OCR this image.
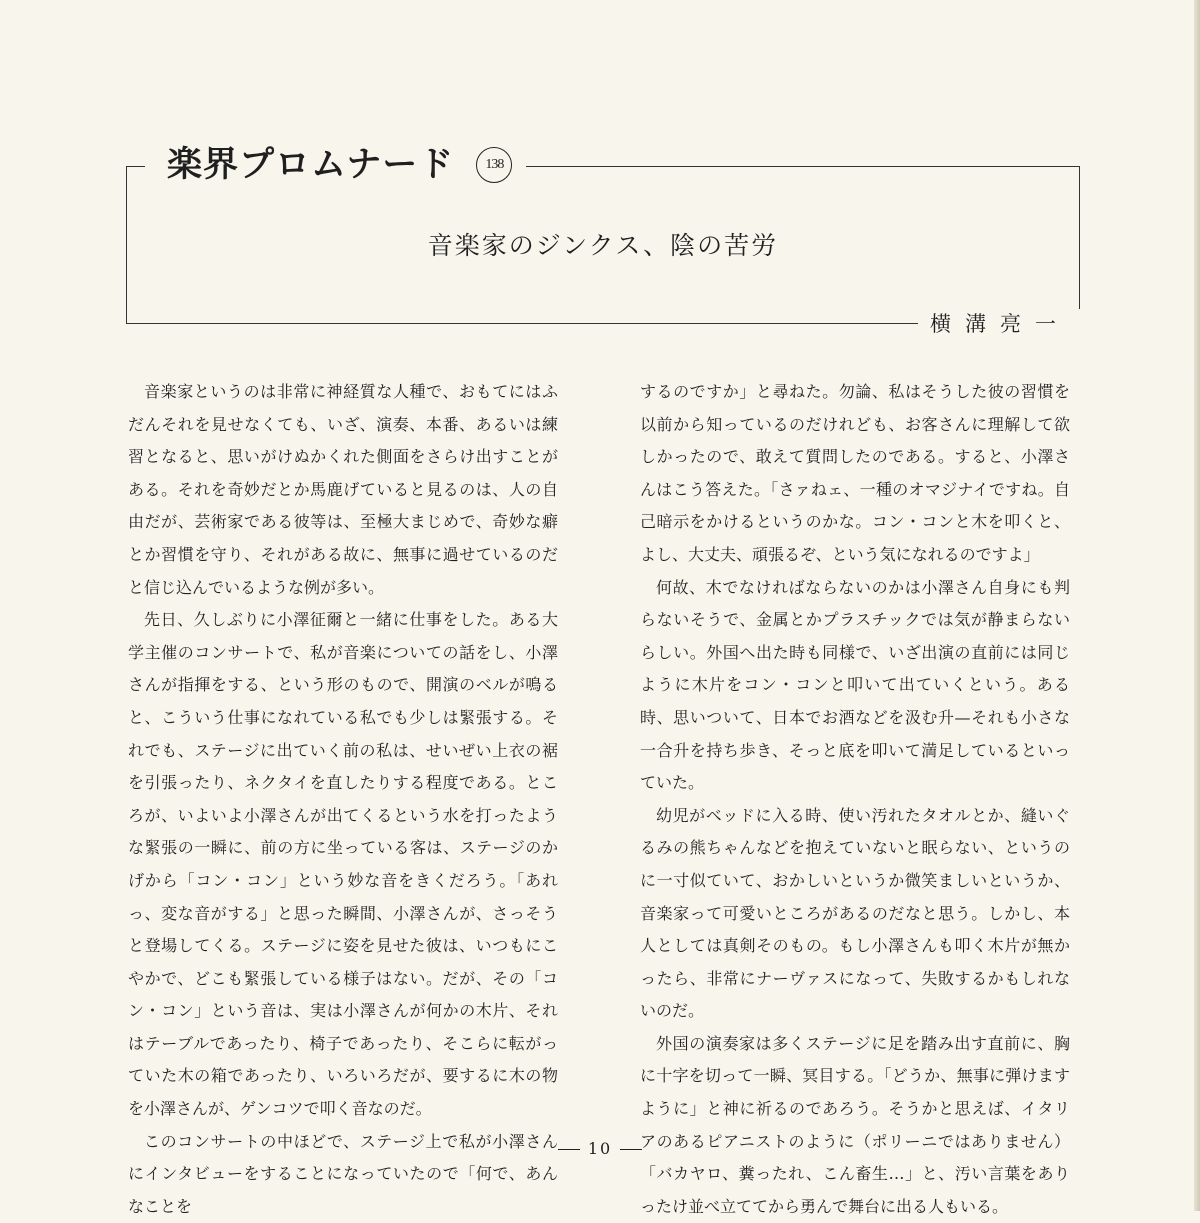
楽界プロムナード	138
音楽家のジンクス、陰の苦労
横溝亮一

音楽家というのは非常に神経質な人種で、おもてにはふだんそれを見せなくても、いざ、演奏、本番、あるいは練習となると、思いがけぬかくれた側面をさらけ出すことがある。それを奇妙だとか馬鹿げていると見るのは、人の自由だが、芸術家である彼等は、至極大まじめで、奇妙な癖とか習慣を守り、それがある故に、無事に過せているのだと信じ込んでいるような例が多い。

先日、久しぶりに小澤征爾と一緒に仕事をした。ある大学主催のコンサートで、私が音楽についての話をし、小澤さんが指揮をする、という形のもので、開演のベルが鳴ると、こういう仕事になれている私でも少しは緊張する。それでも、ステージに出ていく前の私は、せいぜい上衣の裾を引張ったり、ネクタイを直したりする程度である。ところが、いよいよ小澤さんが出てくるという水を打ったような緊張の一瞬に、前の方に坐っている客は、ステージのかげから「コン・コン」という妙な音をきくだろう。「あれっ、変な音がする」と思った瞬間、小澤さんが、さっそうと登場してくる。ステージに姿を見せた彼は、いつもにこやかで、どこも緊張している様子はない。だが、その「コン・コン」という音は、実は小澤さんが何かの木片、それはテーブルであったり、椅子であったり、そこらに転がっていた木の箱であったり、いろいろだが、要するに木の物を小澤さんが、ゲンコツで叩く音なのだ。

このコンサートの中ほどで、ステージ上で私が小澤さんにインタビューをすることになっていたので「何で、あんなことを

するのですか」と尋ねた。勿論、私はそうした彼の習慣を以前から知っているのだけれども、お客さんに理解して欲しかったので、敢えて質問したのである。すると、小澤さんはこう答えた。「さァねェ、一種のオマジナイですね。自己暗示をかけるというのかな。コン・コンと木を叩くと、よし、大丈夫、頑張るぞ、という気になれるのですよ」

何故、木でなければならないのかは小澤さん自身にも判らないそうで、金属とかプラスチックでは気が静まらないらしい。外国へ出た時も同様で、いざ出演の直前には同じように木片をコン・コンと叩いて出ていくという。ある時、思いついて、日本でお酒などを汲む升—それも小さな一合升を持ち歩き、そっと底を叩いて満足しているといっていた。

幼児がベッドに入る時、使い汚れたタオルとか、縫いぐるみの熊ちゃんなどを抱えていないと眠らない、というのに一寸似ていて、おかしいというか微笑ましいというか、音楽家って可愛いところがあるのだなと思う。しかし、本人としては真剣そのもの。もし小澤さんも叩く木片が無かったら、非常にナーヴァスになって、失敗するかもしれないのだ。

外国の演奏家は多くステージに足を踏み出す直前に、胸に十字を切って一瞬、冥目する。「どうか、無事に弾けますように」と神に祈るのであろう。そうかと思えば、イタリアのあるピアニストのように（ポリーニではありません）「バカヤロ、糞ったれ、こん畜生…」と、汚い言葉をありったけ並べ立ててから勇んで舞台に出る人もいる。

10
